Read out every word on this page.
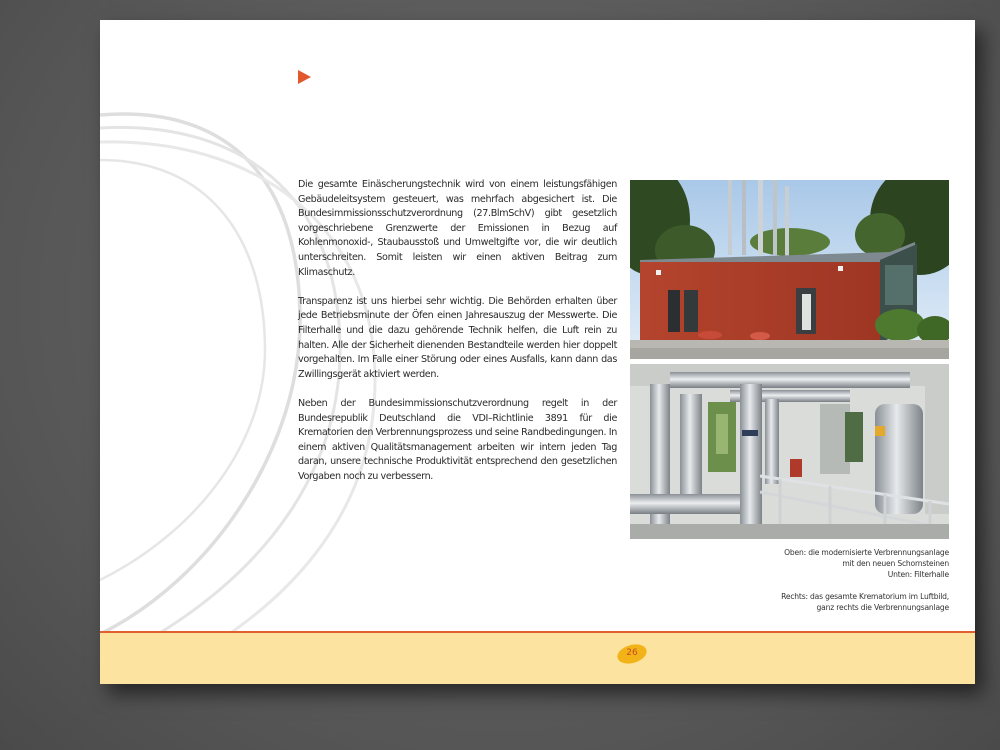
Die gesamte Einäscherungstechnik wird von einem leistungsfähigen Gebäudeleitsystem gesteuert, was mehrfach abgesichert ist. Die Bundesimmissionsschutzverordnung (27.BlmSchV) gibt gesetzlich vorgeschriebene Grenzwerte der Emissionen in Bezug auf Kohlenmonoxid-, Staubausstoß und Umweltgifte vor, die wir deutlich unterschreiten. Somit leisten wir einen aktiven Beitrag zum Klimaschutz.

Transparenz ist uns hierbei sehr wichtig. Die Behörden erhalten über jede Betriebsminute der Öfen einen Jahresauszug der Messwerte. Die Filterhalle und die dazu gehörende Technik helfen, die Luft rein zu halten. Alle der Sicherheit dienenden Bestandteile werden hier doppelt vorgehalten. Im Falle einer Störung oder eines Ausfalls, kann dann das Zwillingsgerät aktiviert werden.

Neben der Bundesimmissionschutzverordnung regelt in der Bundesrepublik Deutschland die VDI–Richtlinie 3891 für die Krematorien den Verbrennungsprozess und seine Randbedingungen. In einem aktiven Qualitätsmanagement arbeiten wir intern jeden Tag daran, unsere technische Produktivität entsprechend den gesetzlichen Vorgaben noch zu verbessern.

Oben: die modernisierte Verbrennungsanlage
mit den neuen Schornsteinen
Unten: Filterhalle
Rechts: das gesamte Krematorium im Luftbild,
ganz rechts die Verbrennungsanlage
26
